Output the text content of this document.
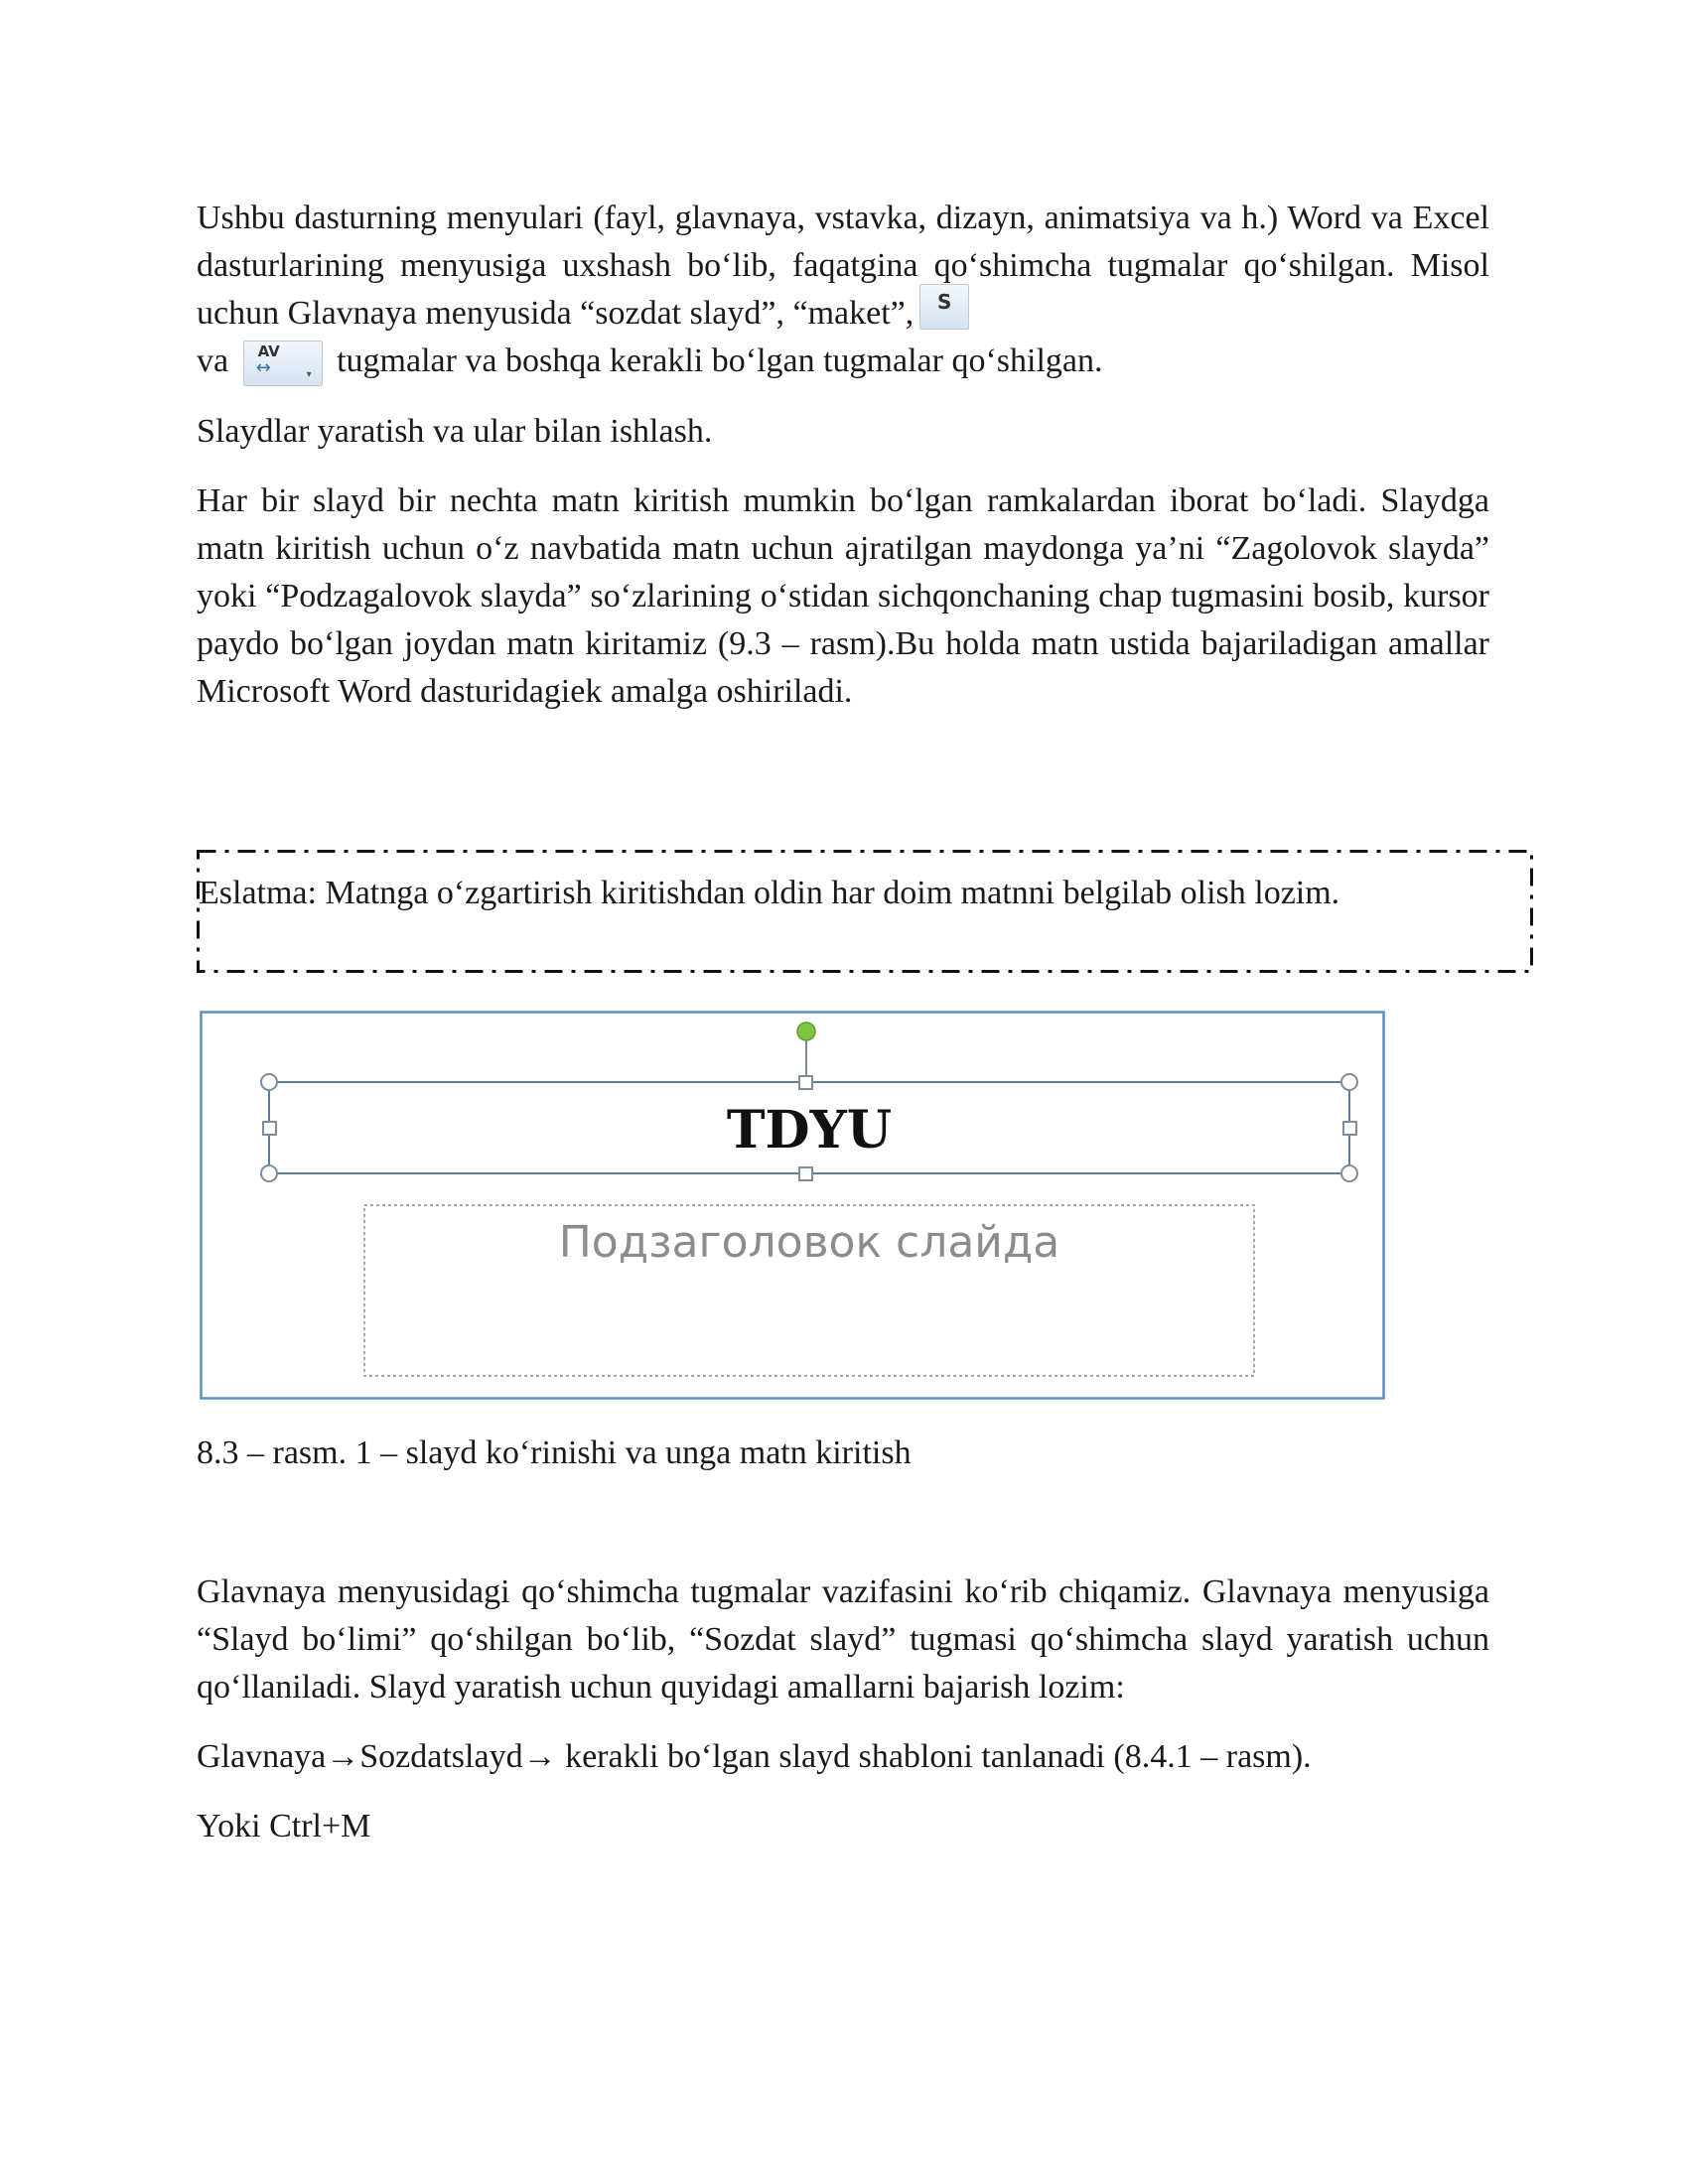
Ushbu dasturning menyulari (fayl, glavnaya, vstavka, dizayn, animatsiya va h.) Word va Excel dasturlarining menyusiga uxshash bo‘lib, faqatgina qo‘shimcha tugmalar qo‘shilgan. Misol uchun Glavnaya menyusida “sozdat slayd”, “maket”, S

va AV
↔	▾ tugmalar va boshqa kerakli bo‘lgan tugmalar qo‘shilgan.

Slaydlar yaratish va ular bilan ishlash.

Har bir slayd bir nechta matn kiritish mumkin bo‘lgan ramkalardan iborat bo‘ladi. Slaydga matn kiritish uchun o‘z navbatida matn uchun ajratilgan maydonga ya’ni “Zagolovok slayda” yoki “Podzagalovok slayda” so‘zlarining o‘stidan sichqonchaning chap tugmasini bosib, kursor paydo bo‘lgan joydan matn kiritamiz (9.3 – rasm).Bu holda matn ustida bajariladigan amallar Microsoft Word dasturidagiek amalga oshiriladi.

Eslatma: Matnga o‘zgartirish kiritishdan oldin har doim matnni belgilab olish lozim.
TDYU
Подзаголовок слайда
8.3 – rasm. 1 – slayd ko‘rinishi va unga matn kiritish

Glavnaya menyusidagi qo‘shimcha tugmalar vazifasini ko‘rib chiqamiz. Glavnaya menyusiga “Slayd bo‘limi” qo‘shilgan bo‘lib, “Sozdat slayd” tugmasi qo‘shimcha slayd yaratish uchun qo‘llaniladi. Slayd yaratish uchun quyidagi amallarni bajarish lozim:

Glavnaya→Sozdatslayd→ kerakli bo‘lgan slayd shabloni tanlanadi (8.4.1 – rasm).

Yoki Ctrl+M
